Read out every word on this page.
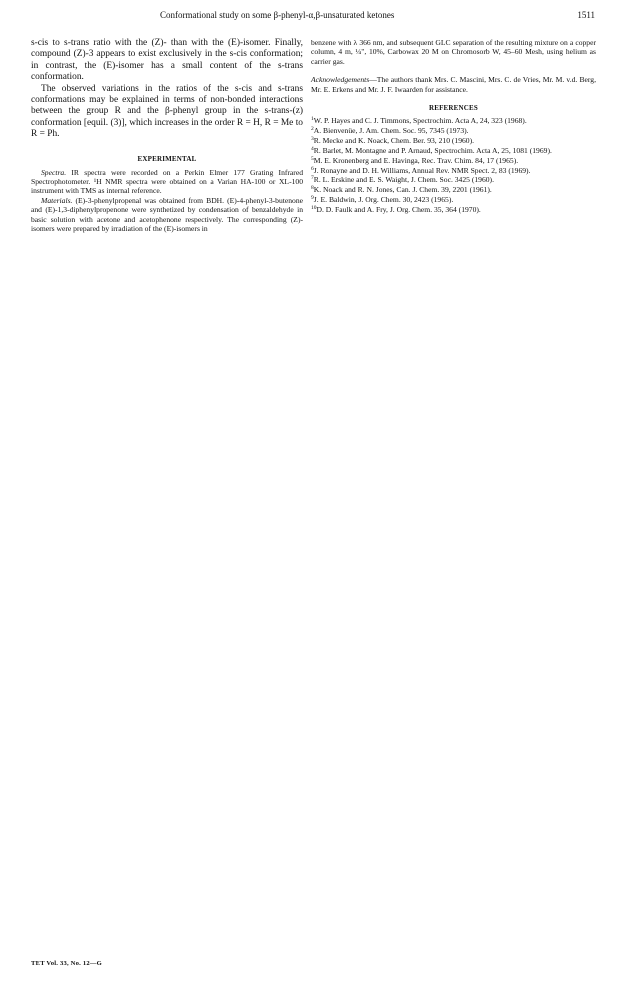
Conformational study on some β-phenyl-α,β-unsaturated ketones	1511

s-cis to s-trans ratio with the (Z)- than with the (E)-isomer. Finally, compound (Z)-3 appears to exist exclusively in the s-cis conformation; in contrast, the (E)-isomer has a small content of the s-trans conformation.

The observed variations in the ratios of the s-cis and s-trans conformations may be explained in terms of non-bonded interactions between the group R and the β-phenyl group in the s-trans-(z) conformation [equil. (3)], which increases in the order R = H, R = Me to R = Ph.

EXPERIMENTAL

Spectra. IR spectra were recorded on a Perkin Elmer 177 Grating Infrared Spectrophotometer. ¹H NMR spectra were obtained on a Varian HA-100 or XL-100 instrument with TMS as internal reference.

Materials. (E)-3-phenylpropenal was obtained from BDH. (E)-4-phenyl-3-butenone and (E)-1,3-diphenylpropenone were synthetized by condensation of benzaldehyde in basic solution with acetone and acetophenone respectively. The corresponding (Z)-isomers were prepared by irradiation of the (E)-isomers in

benzene with λ 366 nm, and subsequent GLC separation of the resulting mixture on a copper column, 4 m, ¼", 10%, Carbowax 20 M on Chromosorb W, 45–60 Mesh, using helium as carrier gas.

Acknowledgements—The authors thank Mrs. C. Mascini, Mrs. C. de Vries, Mr. M. v.d. Berg, Mr. E. Erkens and Mr. J. F. Iwaarden for assistance.

REFERENCES
$^1$W. P. Hayes and C. J. Timmons, Spectrochim. Acta A, 24, 323 (1968).
$^2$A. Bienvenüe, J. Am. Chem. Soc. 95, 7345 (1973).
$^3$R. Mecke and K. Noack, Chem. Ber. 93, 210 (1960).
$^4$R. Barlet, M. Montagne and P. Arnaud, Spectrochim. Acta A, 25, 1081 (1969).
$^5$M. E. Kronenberg and E. Havinga, Rec. Trav. Chim. 84, 17 (1965).
$^6$J. Ronayne and D. H. Williams, Annual Rev. NMR Spect. 2, 83 (1969).
$^7$R. L. Erskine and E. S. Waight, J. Chem. Soc. 3425 (1960).
$^8$K. Noack and R. N. Jones, Can. J. Chem. 39, 2201 (1961).
$^9$J. E. Baldwin, J. Org. Chem. 30, 2423 (1965).
$^{10}$D. D. Faulk and A. Fry, J. Org. Chem. 35, 364 (1970).
TET Vol. 33, No. 12—G
